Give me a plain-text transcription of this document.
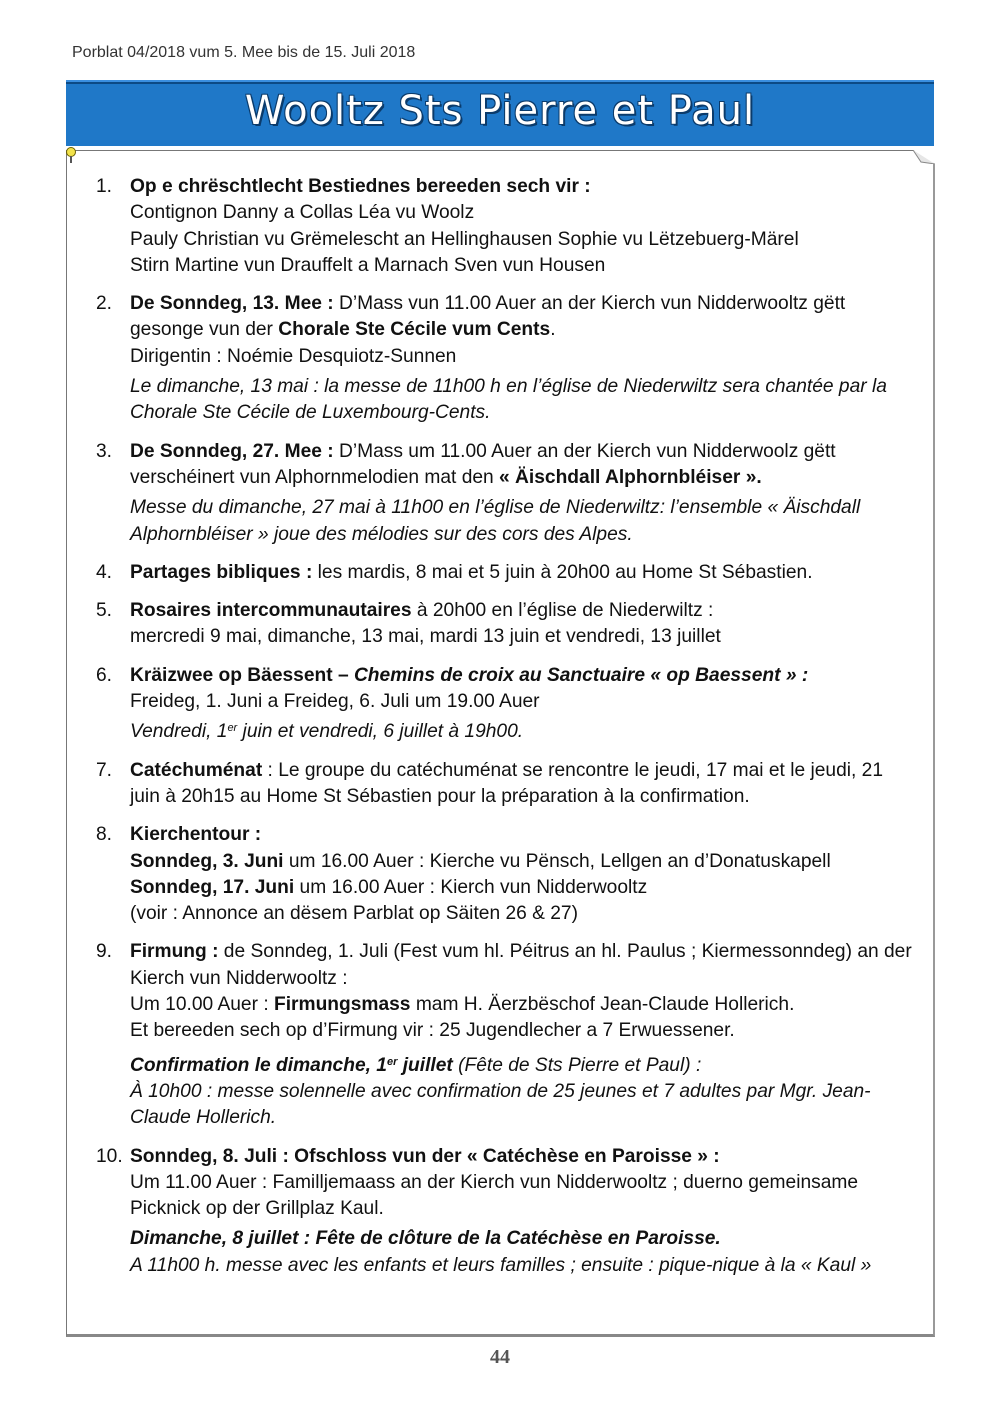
Porblat 04/2018 vum 5. Mee bis de 15. Juli 2018
Wooltz Sts Pierre et Paul
1. Op e chrëschtlecht Bestiednes bereeden sech vir :
Contignon Danny a Collas Léa vu Woolz
Pauly Christian vu Grëmelescht an Hellinghausen Sophie vu Lëtzebuerg-Märel
Stirn Martine vun Drauffelt a Marnach Sven vun Housen
2. De Sonndeg, 13. Mee : D’Mass vun 11.00 Auer an der Kierch vun Nidderwooltz gëtt gesonge vun der Chorale Ste Cécile vum Cents.
Dirigentin : Noémie Desquiotz-Sunnen
Le dimanche, 13 mai : la messe de 11h00 h en l’église de Niederwiltz sera chantée par la Chorale Ste Cécile de Luxembourg-Cents.
3. De Sonndeg, 27. Mee : D’Mass um 11.00 Auer an der Kierch vun Nidderwoolz gëtt verschéinert vun Alphornmelodien mat den « Äischdall Alphornbléiser ».
Messe du dimanche, 27 mai à 11h00 en l’église de Niederwiltz: l’ensemble « Äischdall Alphornbléiser » joue des mélodies sur des cors des Alpes.
4. Partages bibliques : les mardis, 8 mai et 5 juin à 20h00 au Home St Sébastien.
5. Rosaires intercommunautaires à 20h00 en l’église de Niederwiltz :
mercredi 9 mai, dimanche, 13 mai, mardi 13 juin et vendredi, 13 juillet
6. Kräizwee op Bäessent – Chemins de croix au Sanctuaire « op Baessent » :
Freideg, 1. Juni a Freideg, 6. Juli um 19.00 Auer
Vendredi, 1er juin et vendredi, 6 juillet à 19h00.
7. Catéchuménat : Le groupe du catéchuménat se rencontre le jeudi, 17 mai et le jeudi, 21 juin à 20h15 au Home St Sébastien pour la préparation à la confirmation.
8. Kierchentour :
Sonndeg, 3. Juni um 16.00 Auer : Kierche vu Pënsch, Lellgen an d’Donatuskapell
Sonndeg, 17. Juni um 16.00 Auer : Kierch vun Nidderwooltz
(voir : Annonce an dësem Parblat op Säiten 26 & 27)
9. Firmung : de Sonndeg, 1. Juli (Fest vum hl. Péitrus an hl. Paulus ; Kiermessonndeg) an der Kierch vun Nidderwooltz :
Um 10.00 Auer : Firmungsmass mam H. Äerzbëschof Jean-Claude Hollerich.
Et bereeden sech op d’Firmung vir : 25 Jugendlecher a 7 Erwuessener.
Confirmation le dimanche, 1er juillet (Fête de Sts Pierre et Paul) :
À 10h00 : messe solennelle avec confirmation de 25 jeunes et 7 adultes par Mgr. Jean-Claude Hollerich.
10. Sonndeg, 8. Juli : Ofschloss vun der « Catéchèse en Paroisse » :
Um 11.00 Auer : Familljemaass an der Kierch vun Nidderwooltz ; duerno gemeinsame Picknick op der Grillplaz Kaul.
Dimanche, 8 juillet : Fête de clôture de la Catéchèse en Paroisse.
A 11h00 h. messe avec les enfants et leurs familles ; ensuite : pique-nique à la « Kaul »
44
